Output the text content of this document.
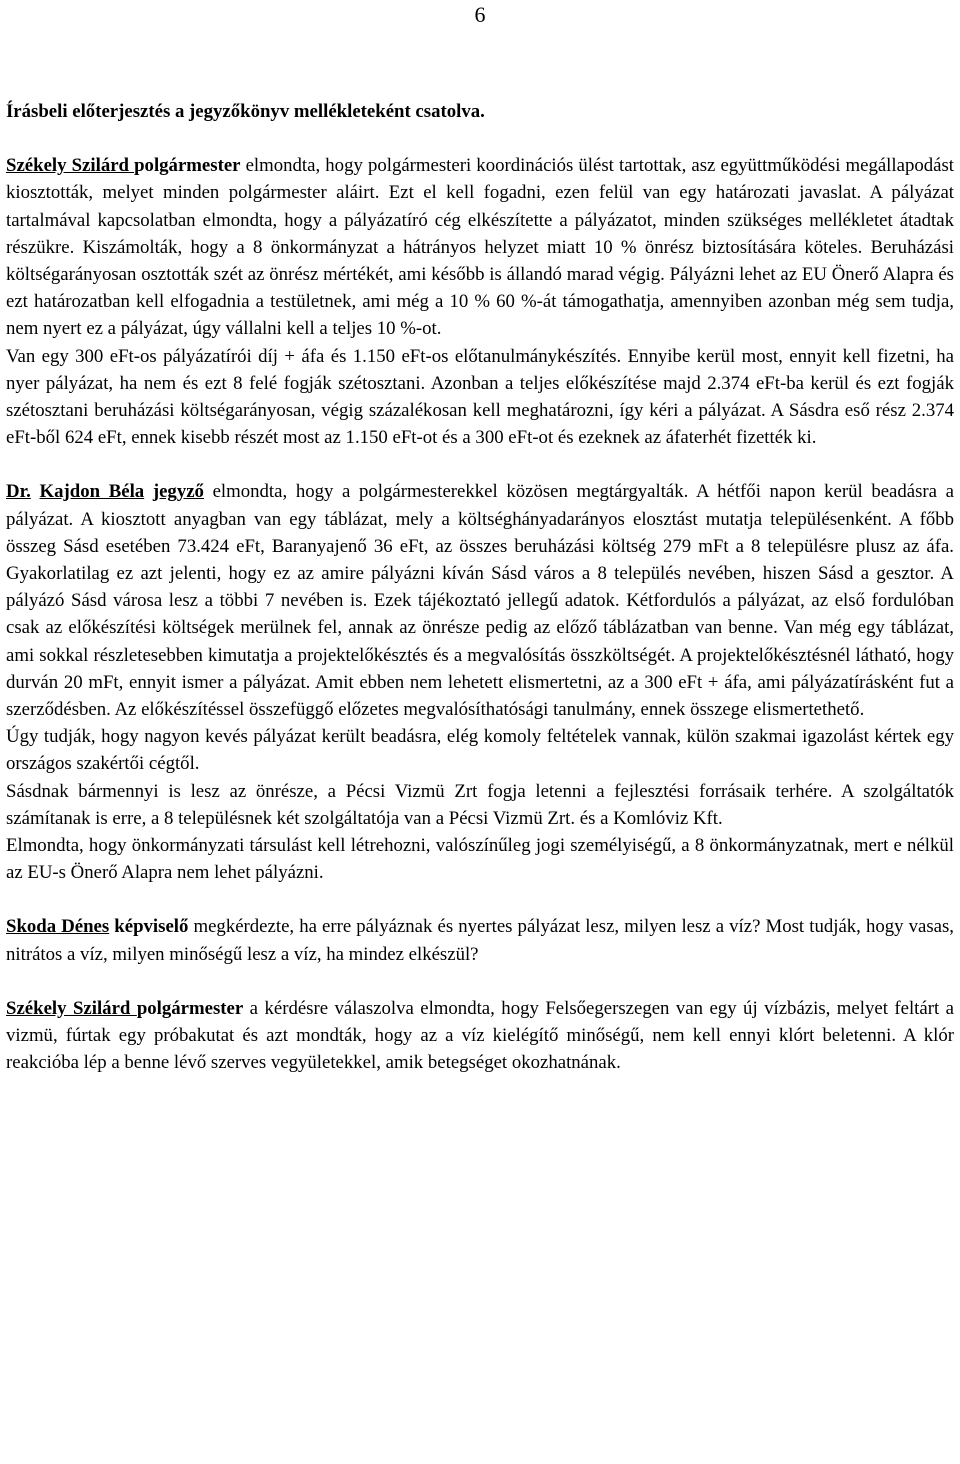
6

Írásbeli előterjesztés a jegyzőkönyv mellékleteként csatolva.

Székely Szilárd polgármester elmondta, hogy polgármesteri koordinációs ülést tartottak, asz együttműködési megállapodást kiosztották, melyet minden polgármester aláirt. Ezt el kell fogadni, ezen felül van egy határozati javaslat. A pályázat tartalmával kapcsolatban elmondta, hogy a pályázatíró cég elkészítette a pályázatot, minden szükséges mellékletet átadtak részükre. Kiszámolták, hogy a 8 önkormányzat a hátrányos helyzet miatt 10 % önrész biztosítására köteles. Beruházási költségarányosan osztották szét az önrész mértékét, ami később is állandó marad végig. Pályázni lehet az EU Önerő Alapra és ezt határozatban kell elfogadnia a testületnek, ami még a 10 % 60 %-át támogathatja, amennyiben azonban még sem tudja, nem nyert ez a pályázat, úgy vállalni kell a teljes 10 %-ot.

Van egy 300 eFt-os pályázatírói díj + áfa és 1.150 eFt-os előtanulmánykészítés. Ennyibe kerül most, ennyit kell fizetni, ha nyer pályázat, ha nem és ezt 8 felé fogják szétosztani. Azonban a teljes előkészítése majd 2.374 eFt-ba kerül és ezt fogják szétosztani beruházási költségarányosan, végig százalékosan kell meghatározni, így kéri a pályázat. A Sásdra eső rész 2.374 eFt-ből 624 eFt, ennek kisebb részét most az 1.150 eFt-ot és a 300 eFt-ot és ezeknek az áfaterhét fizették ki.

Dr. Kajdon Béla jegyző elmondta, hogy a polgármesterekkel közösen megtárgyalták. A hétfői napon kerül beadásra a pályázat. A kiosztott anyagban van egy táblázat, mely a költséghányadarányos elosztást mutatja településenként. A főbb összeg Sásd esetében 73.424 eFt, Baranyajenő 36 eFt, az összes beruházási költség 279 mFt a 8 településre plusz az áfa. Gyakorlatilag ez azt jelenti, hogy ez az amire pályázni kíván Sásd város a 8 település nevében, hiszen Sásd a gesztor. A pályázó Sásd városa lesz a többi 7 nevében is. Ezek tájékoztató jellegű adatok. Kétfordulós a pályázat, az első fordulóban csak az előkészítési költségek merülnek fel, annak az önrésze pedig az előző táblázatban van benne. Van még egy táblázat, ami sokkal részletesebben kimutatja a projektelőkésztés és a megvalósítás összköltségét. A projektelőkésztésnél látható, hogy durván 20 mFt, ennyit ismer a pályázat. Amit ebben nem lehetett elismertetni, az a 300 eFt + áfa, ami pályázatírásként fut a szerződésben. Az előkészítéssel összefüggő előzetes megvalósíthatósági tanulmány, ennek összege elismertethető.

Úgy tudják, hogy nagyon kevés pályázat került beadásra, elég komoly feltételek vannak, külön szakmai igazolást kértek egy országos szakértői cégtől.

Sásdnak bármennyi is lesz az önrésze, a Pécsi Vizmü Zrt fogja letenni a fejlesztési forrásaik terhére. A szolgáltatók számítanak is erre, a 8 településnek két szolgáltatója van a Pécsi Vizmü Zrt. és a Komlóviz Kft.

Elmondta, hogy önkormányzati társulást kell létrehozni, valószínűleg jogi személyiségű, a 8 önkormányzatnak, mert e nélkül az EU-s Önerő Alapra nem lehet pályázni.

Skoda Dénes képviselő megkérdezte, ha erre pályáznak és nyertes pályázat lesz, milyen lesz a víz? Most tudják, hogy vasas, nitrátos a víz, milyen minőségű lesz a víz, ha mindez elkészül?

Székely Szilárd polgármester a kérdésre válaszolva elmondta, hogy Felsőegerszegen van egy új vízbázis, melyet feltárt a vizmü, fúrtak egy próbakutat és azt mondták, hogy az a víz kielégítő minőségű, nem kell ennyi klórt beletenni. A klór reakcióba lép a benne lévő szerves vegyületekkel, amik betegséget okozhatnának.
